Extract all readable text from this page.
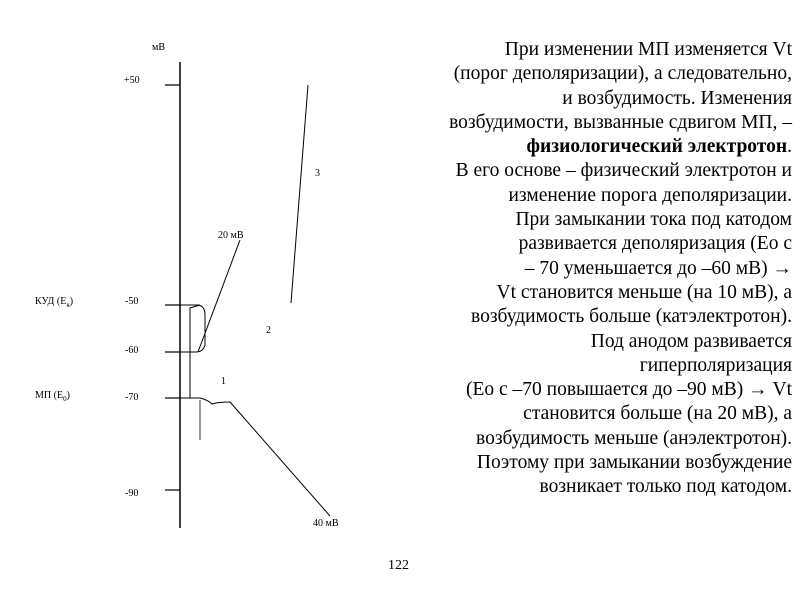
мВ
+50
-50
-60
-70
-90
КУД $(Е_к)$
МП $(Е_0)$
20 мВ
40 мВ
1
2
3
При изменении МП изменяется Vt
(порог деполяризации), а следовательно,
и возбудимость. Изменения
возбудимости, вызванные сдвигом МП, –
физиологический электротон.
В его основе – физический электротон и
изменение порога деполяризации.
При замыкании тока под катодом
развивается деполяризация (Ео с
– 70 уменьшается до –60 мВ) →
Vt становится меньше (на 10 мВ), а
возбудимость больше (катэлектротон).
Под анодом развивается
гиперполяризация
(Ео с –70 повышается до –90 мВ) → Vt
становится больше (на 20 мВ), а
возбудимость меньше (анэлектротон).
Поэтому при замыкании возбуждение
возникает только под катодом.
122
